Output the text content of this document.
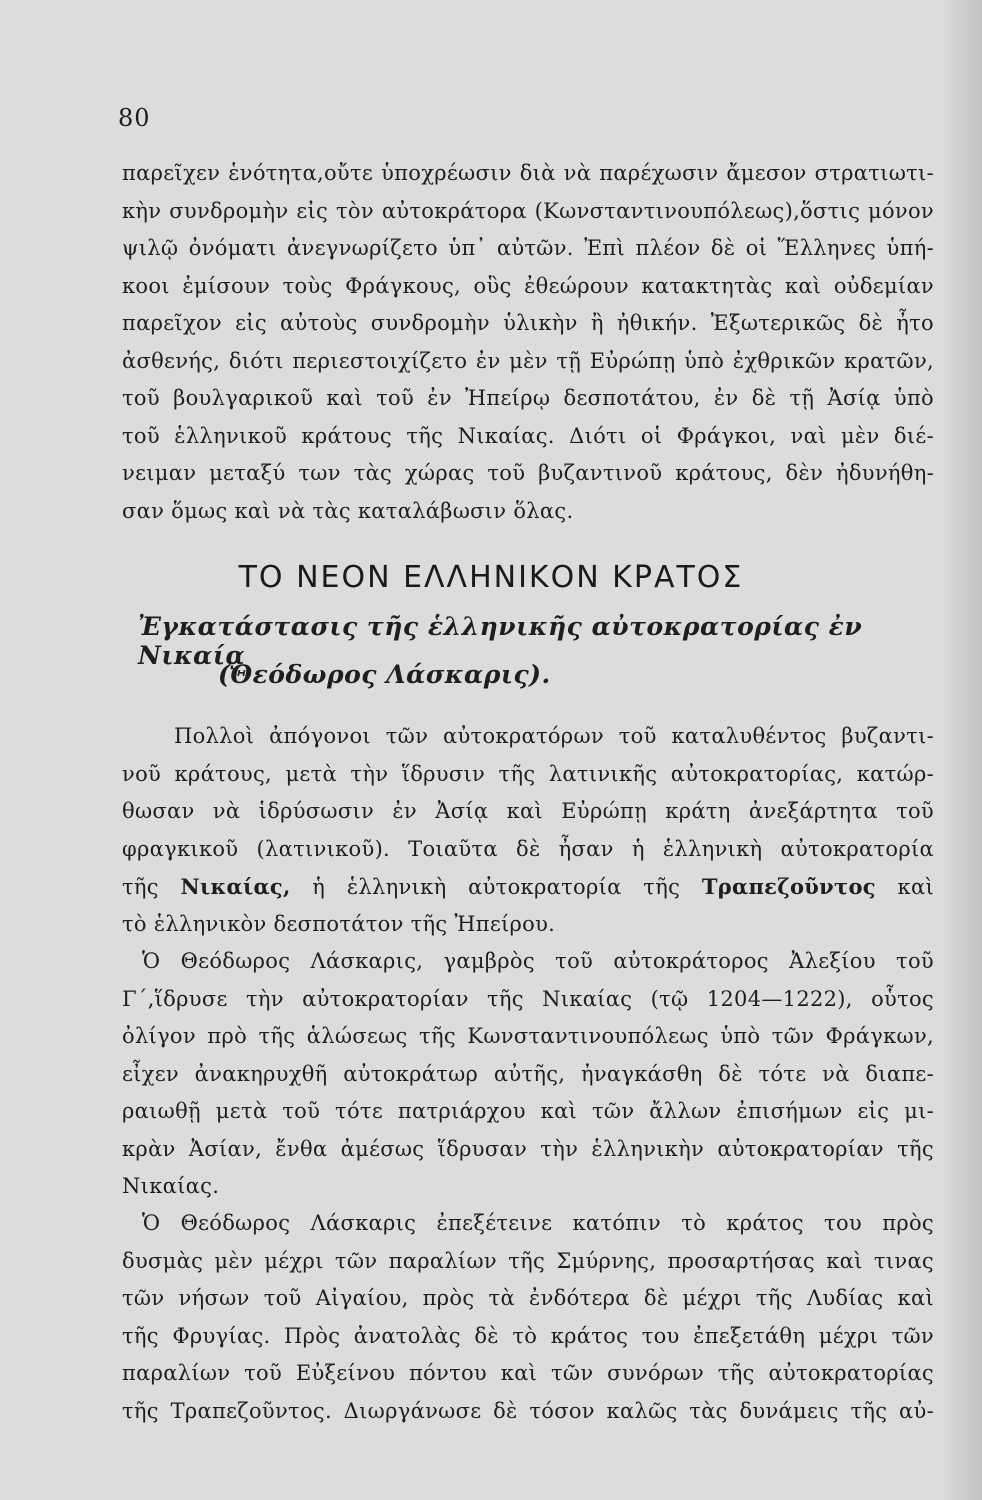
80
παρεῖχεν ἑνότητα,οὔτε ὑποχρέωσιν διὰ νὰ παρέχωσιν ἄμεσον στρατιωτι-
κὴν συνδρομὴν εἰς τὸν αὐτοκράτορα (Κωνσταντινουπόλεως),ὅστις μόνον
ψιλῷ ὀνόματι ἀνεγνωρίζετο ὑπ᾿ αὐτῶν. Ἐπὶ πλέον δὲ οἱ Ἕλληνες ὑπή-
κοοι ἐμίσουν τοὺς Φράγκους, οὓς ἐθεώρουν κατακτητὰς καὶ οὐδεμίαν
παρεῖχον εἰς αὐτοὺς συνδρομὴν ὑλικὴν ἢ ἠθικήν. Ἐξωτερικῶς δὲ ἦτο
ἀσθενής, διότι περιεστοιχίζετο ἐν μὲν τῇ Εὐρώπῃ ὑπὸ ἐχθρικῶν κρατῶν,
τοῦ βουλγαρικοῦ καὶ τοῦ ἐν Ἠπείρῳ δεσποτάτου, ἐν δὲ τῇ Ἀσίᾳ ὑπὸ
τοῦ ἑλληνικοῦ κράτους τῆς Νικαίας. Διότι οἱ Φράγκοι, ναὶ μὲν διέ-
νειμαν μεταξύ των τὰς χώρας τοῦ βυζαντινοῦ κράτους, δὲν ἠδυνήθη-
σαν ὅμως καὶ νὰ τὰς καταλάβωσιν ὅλας.
ΤΟ ΝΕΟΝ ΕΛΛΗΝΙΚΟΝ ΚΡΑΤΟΣ
Ἐγκατάστασις τῆς ἑλληνικῆς αὐτοκρατορίας ἐν Νικαίᾳ
(Θεόδωρος Λάσκαρις).
Πολλοὶ ἀπόγονοι τῶν αὐτοκρατόρων τοῦ καταλυθέντος βυζαντι-
νοῦ κράτους, μετὰ τὴν ἵδρυσιν τῆς λατινικῆς αὐτοκρατορίας, κατώρ-
θωσαν νὰ ἱδρύσωσιν ἐν Ἀσίᾳ καὶ Εὐρώπῃ κράτη ἀνεξάρτητα τοῦ
φραγκικοῦ (λατινικοῦ). Τοιαῦτα δὲ ἦσαν ἡ ἑλληνικὴ αὐτοκρατορία
τῆς Νικαίας, ἡ ἑλληνικὴ αὐτοκρατορία τῆς Τραπεζοῦντος καὶ
τὸ ἑλληνικὸν δεσποτάτον τῆς Ἠπείρου.
Ὁ Θεόδωρος Λάσκαρις, γαμβρὸς τοῦ αὐτοκράτορος Ἀλεξίου τοῦ
Γ΄,ἵδρυσε τὴν αὐτοκρατορίαν τῆς Νικαίας (τῷ 1204—1222), οὗτος
ὀλίγον πρὸ τῆς ἁλώσεως τῆς Κωνσταντινουπόλεως ὑπὸ τῶν Φράγκων,
εἶχεν ἀνακηρυχθῆ αὐτοκράτωρ αὐτῆς, ἠναγκάσθη δὲ τότε νὰ διαπε-
ραιωθῇ μετὰ τοῦ τότε πατριάρχου καὶ τῶν ἄλλων ἐπισήμων εἰς μι-
κρὰν Ἀσίαν, ἔνθα ἀμέσως ἵδρυσαν τὴν ἑλληνικὴν αὐτοκρατορίαν τῆς
Νικαίας.
Ὁ Θεόδωρος Λάσκαρις ἐπεξέτεινε κατόπιν τὸ κράτος του πρὸς
δυσμὰς μὲν μέχρι τῶν παραλίων τῆς Σμύρνης, προσαρτήσας καὶ τινας
τῶν νήσων τοῦ Αἰγαίου, πρὸς τὰ ἐνδότερα δὲ μέχρι τῆς Λυδίας καὶ
τῆς Φρυγίας. Πρὸς ἀνατολὰς δὲ τὸ κράτος του ἐπεξετάθη μέχρι τῶν
παραλίων τοῦ Εὐξείνου πόντου καὶ τῶν συνόρων τῆς αὐτοκρατορίας
τῆς Τραπεζοῦντος. Διωργάνωσε δὲ τόσον καλῶς τὰς δυνάμεις τῆς αὐ-
